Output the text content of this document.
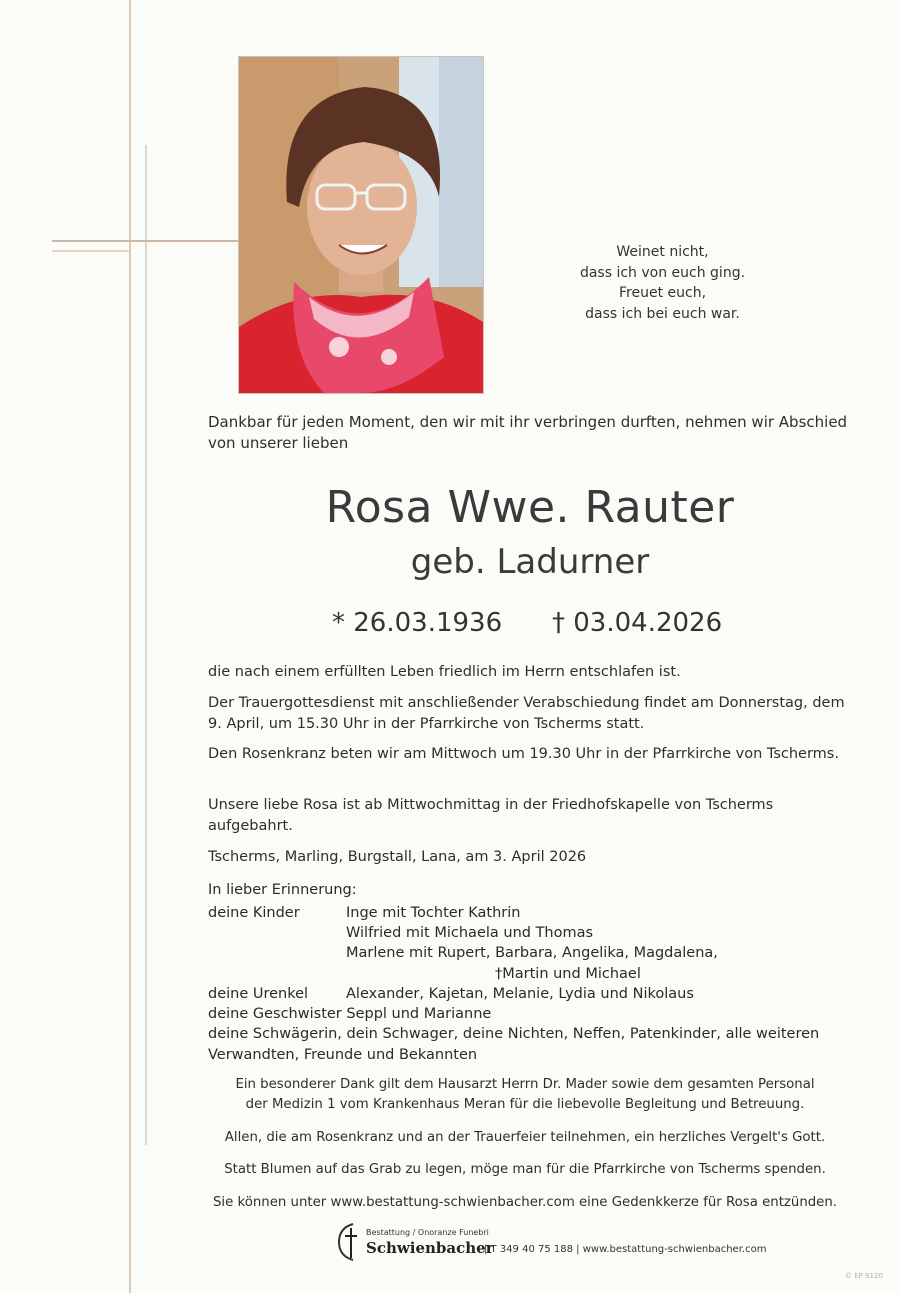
Weinet nicht,
dass ich von euch ging.
Freuet euch,
dass ich bei euch war.
Dankbar für jeden Moment, den wir mit ihr verbringen durften, nehmen wir Abschied von unserer lieben
Rosa Wwe. Rauter
geb. Ladurner
* 26.03.1936 † 03.04.2026
die nach einem erfüllten Leben friedlich im Herrn entschlafen ist.
Der Trauergottesdienst mit anschließender Verabschiedung findet am Donnerstag, dem 9. April, um 15.30 Uhr in der Pfarrkirche von Tscherms statt.
Den Rosenkranz beten wir am Mittwoch um 19.30 Uhr in der Pfarrkirche von Tscherms.
Unsere liebe Rosa ist ab Mittwochmittag in der Friedhofskapelle von Tscherms aufgebahrt.
Tscherms, Marling, Burgstall, Lana, am 3. April 2026
In lieber Erinnerung:
deine Kinder	Inge mit Tochter Kathrin
Wilfried mit Michaela und Thomas
Marlene mit Rupert, Barbara, Angelika, Magdalena,
†Martin und Michael
deine Urenkel	Alexander, Kajetan, Melanie, Lydia und Nikolaus
deine Geschwister Seppl und Marianne
deine Schwägerin, dein Schwager, deine Nichten, Neffen, Patenkinder, alle weiteren
Verwandten, Freunde und Bekannten
Ein besonderer Dank gilt dem Hausarzt Herrn Dr. Mader sowie dem gesamten Personal
der Medizin 1 vom Krankenhaus Meran für die liebevolle Begleitung und Betreuung.
Allen, die am Rosenkranz und an der Trauerfeier teilnehmen, ein herzliches Vergelt's Gott.
Statt Blumen auf das Grab zu legen, möge man für die Pfarrkirche von Tscherms spenden.
Sie können unter www.bestattung-schwienbacher.com eine Gedenkkerze für Rosa entzünden.
Bestattung / Onoranze Funebri
Schwienbacher
| T 349 40 75 188 | www.bestattung-schwienbacher.com
© EP 9120
